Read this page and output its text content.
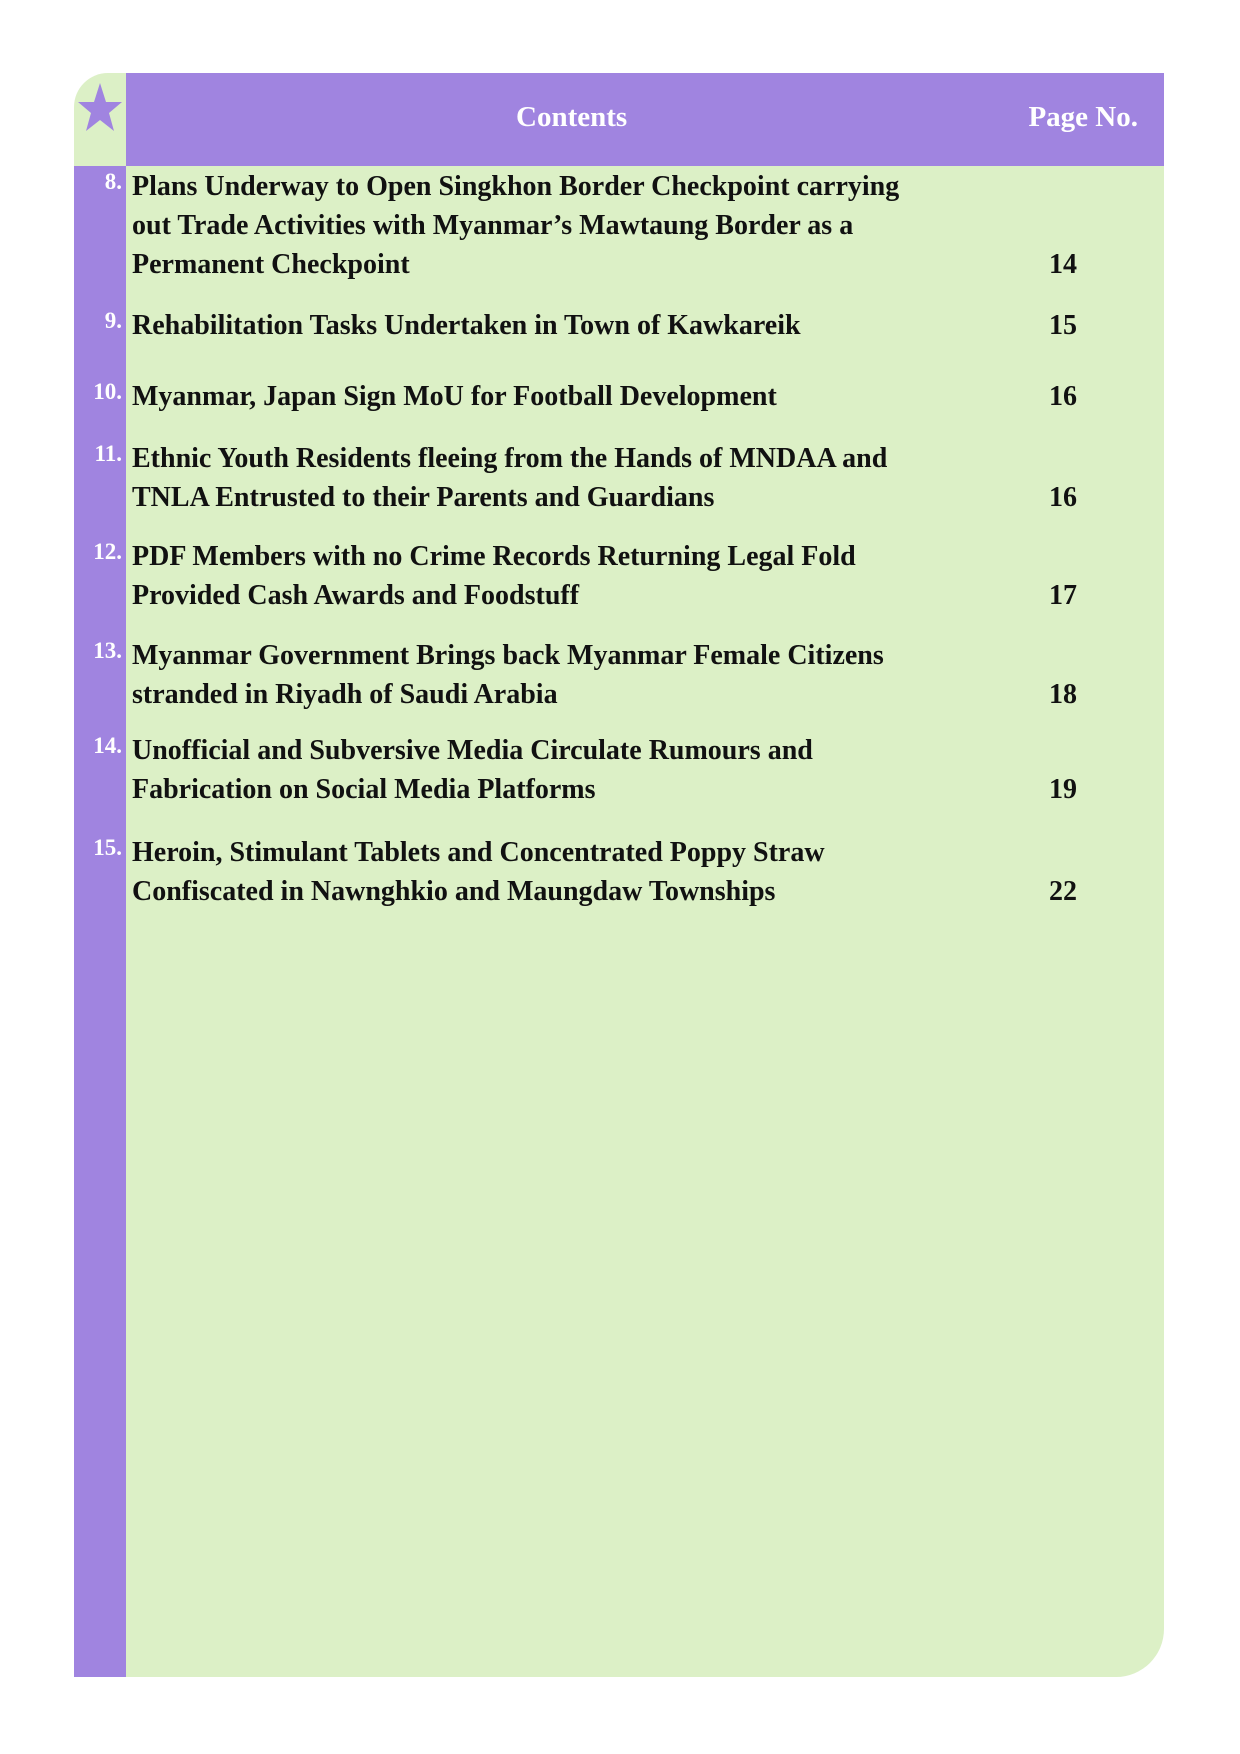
Contents	Page No.
8. Plans Underway to Open Singkhon Border Checkpoint carrying
out Trade Activities with Myanmar’s Mawtaung Border as a
Permanent Checkpoint	14
9. Rehabilitation Tasks Undertaken in Town of Kawkareik	15
10. Myanmar, Japan Sign MoU for Football Development	16
11. Ethnic Youth Residents fleeing from the Hands of MNDAA and
TNLA Entrusted to their Parents and Guardians	16
12. PDF Members with no Crime Records Returning Legal Fold
Provided Cash Awards and Foodstuff	17
13. Myanmar Government Brings back Myanmar Female Citizens
stranded in Riyadh of Saudi Arabia	18
14. Unofficial and Subversive Media Circulate Rumours and
Fabrication on Social Media Platforms	19
15. Heroin, Stimulant Tablets and Concentrated Poppy Straw
Confiscated in Nawnghkio and Maungdaw Townships	22
